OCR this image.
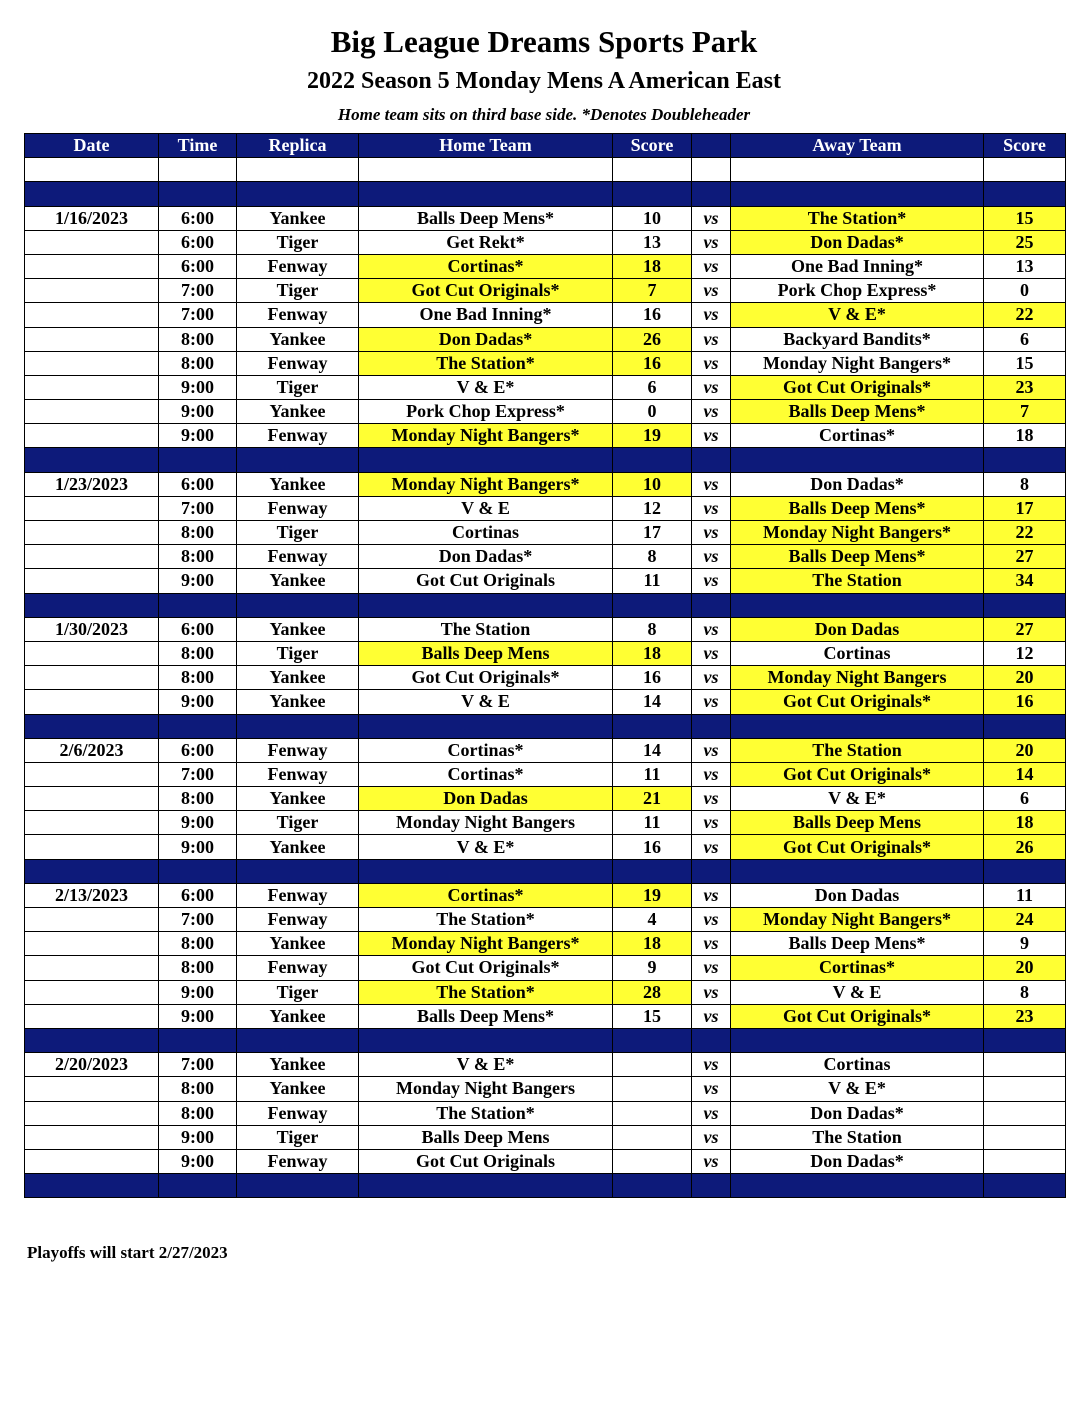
Big League Dreams Sports Park
2022 Season 5 Monday Mens A American East
Home team sits on third base side. *Denotes Doubleheader
Date	Time	Replica	Home Team	Score		Away Team	Score

1/16/2023	6:00	Yankee	Balls Deep Mens*	10	vs	The Station*	15
	6:00	Tiger	Get Rekt*	13	vs	Don Dadas*	25
	6:00	Fenway	Cortinas*	18	vs	One Bad Inning*	13
	7:00	Tiger	Got Cut Originals*	7	vs	Pork Chop Express*	0
	7:00	Fenway	One Bad Inning*	16	vs	V & E*	22
	8:00	Yankee	Don Dadas*	26	vs	Backyard Bandits*	6
	8:00	Fenway	The Station*	16	vs	Monday Night Bangers*	15
	9:00	Tiger	V & E*	6	vs	Got Cut Originals*	23
	9:00	Yankee	Pork Chop Express*	0	vs	Balls Deep Mens*	7
	9:00	Fenway	Monday Night Bangers*	19	vs	Cortinas*	18

1/23/2023	6:00	Yankee	Monday Night Bangers*	10	vs	Don Dadas*	8
	7:00	Fenway	V & E	12	vs	Balls Deep Mens*	17
	8:00	Tiger	Cortinas	17	vs	Monday Night Bangers*	22
	8:00	Fenway	Don Dadas*	8	vs	Balls Deep Mens*	27
	9:00	Yankee	Got Cut Originals	11	vs	The Station	34

1/30/2023	6:00	Yankee	The Station	8	vs	Don Dadas	27
	8:00	Tiger	Balls Deep Mens	18	vs	Cortinas	12
	8:00	Yankee	Got Cut Originals*	16	vs	Monday Night Bangers	20
	9:00	Yankee	V & E	14	vs	Got Cut Originals*	16

2/6/2023	6:00	Fenway	Cortinas*	14	vs	The Station	20
	7:00	Fenway	Cortinas*	11	vs	Got Cut Originals*	14
	8:00	Yankee	Don Dadas	21	vs	V & E*	6
	9:00	Tiger	Monday Night Bangers	11	vs	Balls Deep Mens	18
	9:00	Yankee	V & E*	16	vs	Got Cut Originals*	26

2/13/2023	6:00	Fenway	Cortinas*	19	vs	Don Dadas	11
	7:00	Fenway	The Station*	4	vs	Monday Night Bangers*	24
	8:00	Yankee	Monday Night Bangers*	18	vs	Balls Deep Mens*	9
	8:00	Fenway	Got Cut Originals*	9	vs	Cortinas*	20
	9:00	Tiger	The Station*	28	vs	V & E	8
	9:00	Yankee	Balls Deep Mens*	15	vs	Got Cut Originals*	23

2/20/2023	7:00	Yankee	V & E*		vs	Cortinas	
	8:00	Yankee	Monday Night Bangers		vs	V & E*	
	8:00	Fenway	The Station*		vs	Don Dadas*	
	9:00	Tiger	Balls Deep Mens		vs	The Station	
	9:00	Fenway	Got Cut Originals		vs	Don Dadas*	

Playoffs will start 2/27/2023
